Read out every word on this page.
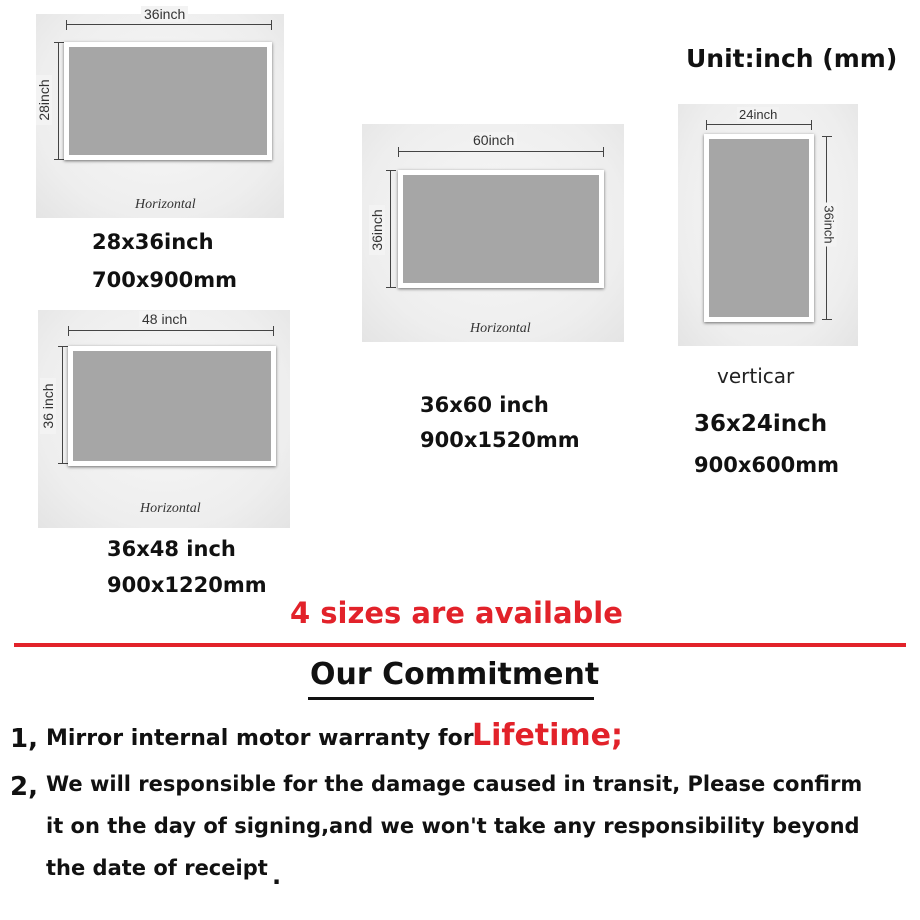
Unit:inch (mm)
36inch
28inch
Horizontal
28x36inch
700x900mm
60inch
36inch
Horizontal
36x60 inch
900x1520mm
24inch
36inch
verticar
36x24inch
900x600mm
48 inch
36 inch
Horizontal
36x48 inch
900x1220mm
4 sizes are available
Our Commitment
1, Mirror internal motor warranty for
Lifetime;
2, We will responsible for the damage caused in transit, Please confirm
it on the day of signing,and we won't take any responsibility beyond
the date of receipt .
